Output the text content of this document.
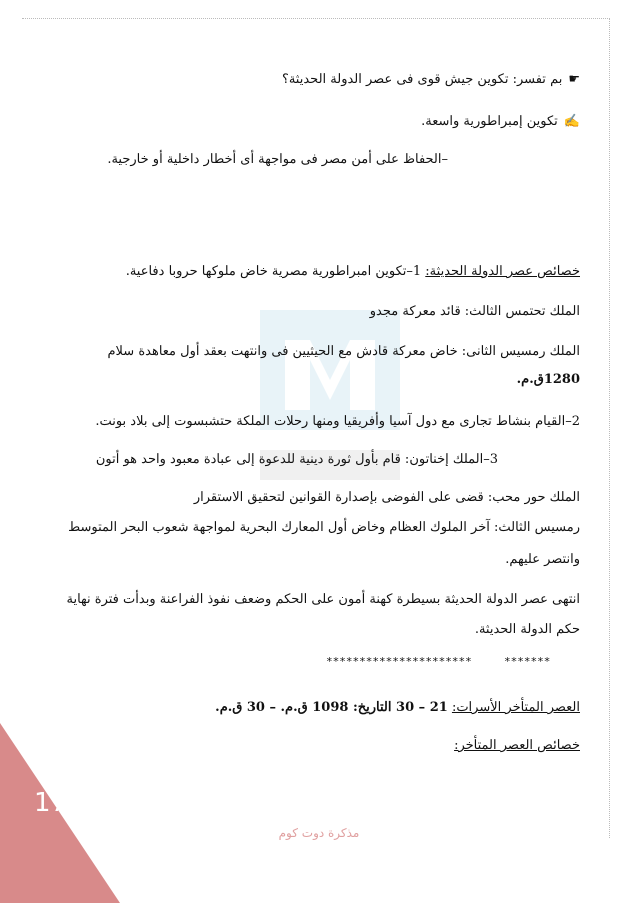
☛بم تفسر: تكوين جيش قوى فى عصر الدولة الحديثة؟
✍تكوين إمبراطورية واسعة.
–الحفاظ على أمن مصر فى مواجهة أى أخطار داخلية أو خارجية.
خصائص عصر الدولة الحديثة: 1–تكوين امبراطورية مصرية خاض ملوكها حروبا دفاعية.
الملك تحتمس الثالث: قائد معركة مجدو
الملك رمسيس الثانى: خاض معركة قادش مع الحيثيين فى وانتهت بعقد أول معاهدة سلام
1280ق.م.
2–القيام بنشاط تجارى مع دول آسيا وأفريقيا ومنها رحلات الملكة حتشبسوت إلى بلاد بونت.
3–الملك إخناتون: قام بأول ثورة دينية للدعوة إلى عبادة معبود واحد هو أتون
الملك حور محب: قضى على الفوضى بإصدارة القوانين لتحقيق الاستقرار
رمسيس الثالث: آخر الملوك العظام وخاض أول المعارك البحرية لمواجهة شعوب البحر المتوسط
وانتصر عليهم.
انتهى عصر الدولة الحديثة بسيطرة كهنة أمون على الحكم وضعف نفوذ الفراعنة وبدأت فترة نهاية
حكم الدولة الحديثة.
**********************	*******
العصر المتأخر الأسرات: 21 – 30 التاريخ: 1098 ق.م. – 30 ق.م.
خصائص العصر المتأخر:
17
مذكرة دوت كوم
